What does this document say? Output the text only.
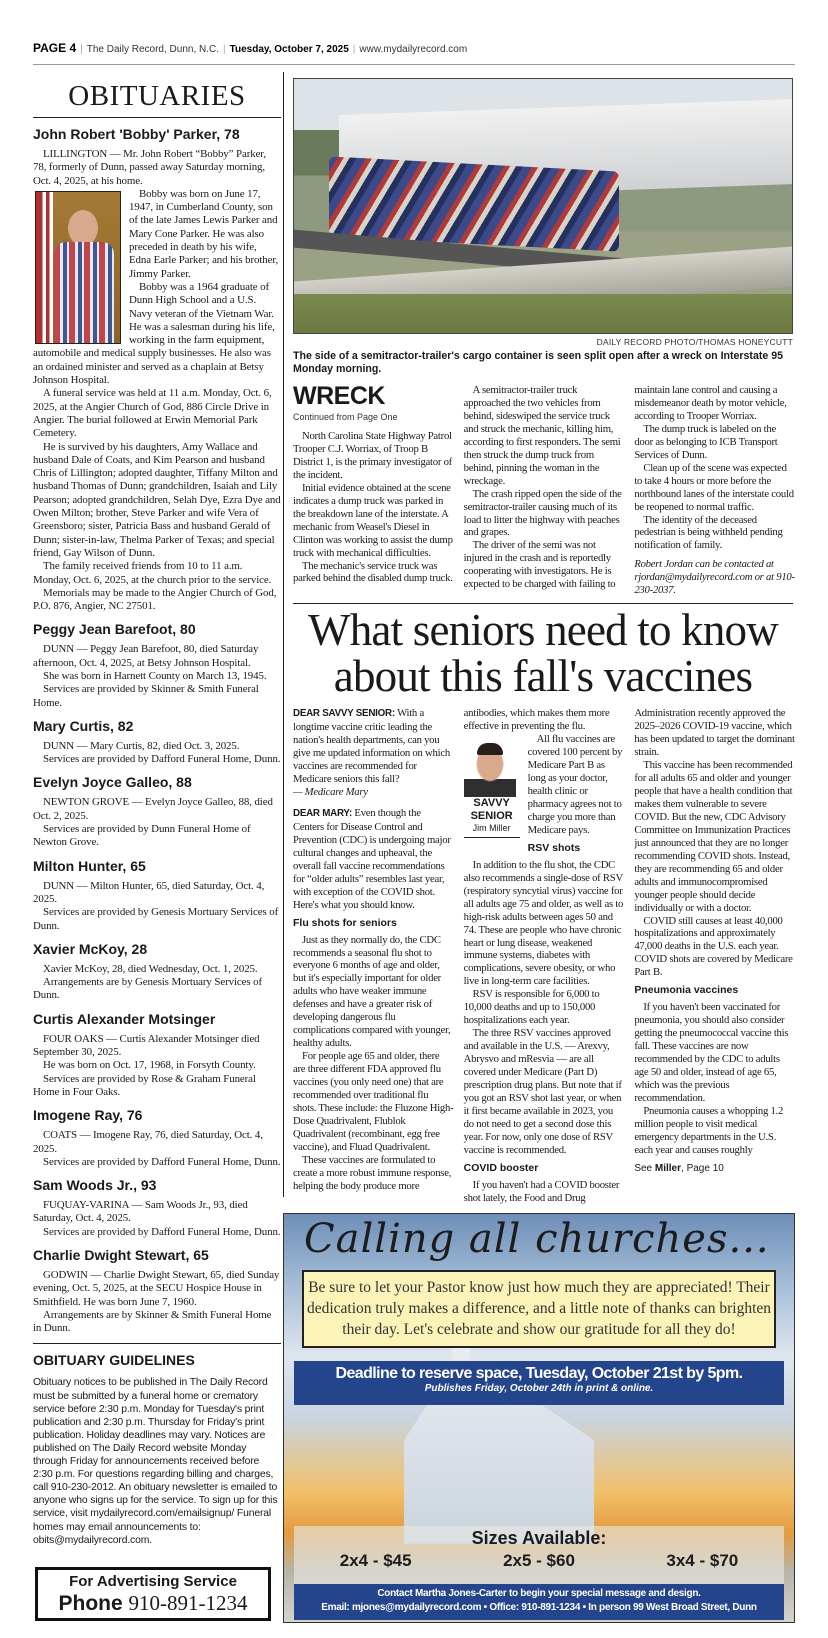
PAGE 4 | The Daily Record, Dunn, N.C. | Tuesday, October 7, 2025 | www.mydailyrecord.com
OBITUARIES
John Robert 'Bobby' Parker, 78

LILLINGTON — Mr. John Robert “Bobby” Parker, 78, formerly of Dunn, passed away Saturday morning, Oct. 4, 2025, at his home.

Bobby was born on June 17, 1947, in Cumberland County, son of the late James Lewis Parker and Mary Cone Parker. He was also preceded in death by his wife, Edna Earle Parker; and his brother, Jimmy Parker.

Bobby was a 1964 graduate of Dunn High School and a U.S. Navy veteran of the Vietnam War. He was a salesman during his life, working in the farm equipment, automobile and medical supply businesses. He also was an ordained minister and served as a chaplain at Betsy Johnson Hospital.

A funeral service was held at 11 a.m. Monday, Oct. 6, 2025, at the Angier Church of God, 886 Circle Drive in Angier. The burial followed at Erwin Memorial Park Cemetery.

He is survived by his daughters, Amy Wallace and husband Dale of Coats, and Kim Pearson and husband Chris of Lillington; adopted daughter, Tiffany Milton and husband Thomas of Dunn; grandchildren, Isaiah and Lily Pearson; adopted grandchildren, Selah Dye, Ezra Dye and Owen Milton; brother, Steve Parker and wife Vera of Greensboro; sister, Patricia Bass and husband Gerald of Dunn; sister-in-law, Thelma Parker of Texas; and special friend, Gay Wilson of Dunn.

The family received friends from 10 to 11 a.m. Monday, Oct. 6, 2025, at the church prior to the service.

Memorials may be made to the Angier Church of God, P.O. 876, Angier, NC 27501.

Peggy Jean Barefoot, 80

DUNN — Peggy Jean Barefoot, 80, died Saturday afternoon, Oct. 4, 2025, at Betsy Johnson Hospital.

She was born in Harnett County on March 13, 1945.

Services are provided by Skinner & Smith Funeral Home.

Mary Curtis, 82

DUNN — Mary Curtis, 82, died Oct. 3, 2025.

Services are provided by Dafford Funeral Home, Dunn.

Evelyn Joyce Galleo, 88

NEWTON GROVE — Evelyn Joyce Galleo, 88, died Oct. 2, 2025.

Services are provided by Dunn Funeral Home of Newton Grove.

Milton Hunter, 65

DUNN — Milton Hunter, 65, died Saturday, Oct. 4, 2025.

Services are provided by Genesis Mortuary Services of Dunn.

Xavier McKoy, 28

Xavier McKoy, 28, died Wednesday, Oct. 1, 2025.

Arrangements are by Genesis Mortuary Services of Dunn.

Curtis Alexander Motsinger

FOUR OAKS — Curtis Alexander Motsinger died September 30, 2025.

He was born on Oct. 17, 1968, in Forsyth County.

Services are provided by Rose & Graham Funeral Home in Four Oaks.

Imogene Ray, 76

COATS — Imogene Ray, 76, died Saturday, Oct. 4, 2025.

Services are provided by Dafford Funeral Home, Dunn.

Sam Woods Jr., 93

FUQUAY-VARINA — Sam Woods Jr., 93, died Saturday, Oct. 4, 2025.

Services are provided by Dafford Funeral Home, Dunn.

Charlie Dwight Stewart, 65

GODWIN — Charlie Dwight Stewart, 65, died Sunday evening, Oct. 5, 2025, at the SECU Hospice House in Smithfield. He was born June 7, 1960.

Arrangements are by Skinner & Smith Funeral Home in Dunn.

OBITUARY GUIDELINES

Obituary notices to be published in The Daily Record must be submitted by a funeral home or crematory service before 2:30 p.m. Monday for Tuesday's print publication and 2:30 p.m. Thursday for Friday's print publication. Holiday deadlines may vary. Notices are published on The Daily Record website Monday through Friday for announcements received before 2:30 p.m. For questions regarding billing and charges, call 910-230-2012. An obituary newsletter is emailed to anyone who signs up for the service. To sign up for this service, visit mydailyrecord.com/emailsignup/ Funeral homes may email announcements to: obits@mydailyrecord.com.

For Advertising Service
Phone 910-891-1234
DAILY RECORD PHOTO/THOMAS HONEYCUTT
The side of a semitractor-trailer's cargo container is seen split open after a wreck on Interstate 95 Monday morning.
WRECK
Continued from Page One

North Carolina State Highway Patrol Trooper C.J. Worriax, of Troop B District 1, is the primary investigator of the incident.

Initial evidence obtained at the scene indicates a dump truck was parked in the breakdown lane of the interstate. A mechanic from Weasel's Diesel in Clinton was working to assist the dump truck with mechanical difficulties.

The mechanic's service truck was parked behind the disabled dump truck.

A semitractor-trailer truck approached the two vehicles from behind, sideswiped the service truck and struck the mechanic, killing him, according to first responders. The semi then struck the dump truck from behind, pinning the woman in the wreckage.

The crash ripped open the side of the semitractor-trailer causing much of its load to litter the highway with peaches and grapes.

The driver of the semi was not injured in the crash and is reportedly cooperating with investigators. He is expected to be charged with failing to maintain lane control and causing a misdemeanor death by motor vehicle, according to Trooper Worriax.

The dump truck is labeled on the door as belonging to ICB Transport Services of Dunn.

Clean up of the scene was expected to take 4 hours or more before the northbound lanes of the interstate could be reopened to normal traffic.

The identity of the deceased pedestrian is being withheld pending notification of family.

Robert Jordan can be contacted at rjordan@mydailyrecord.com or at 910-230-2037.

What seniors need to know about this fall's vaccines

DEAR SAVVY SENIOR: With a longtime vaccine critic leading the nation's health departments, can you give me updated information on which vaccines are recommended for Medicare seniors this fall?

— Medicare Mary

DEAR MARY: Even though the Centers for Disease Control and Prevention (CDC) is undergoing major cultural changes and upheaval, the overall fall vaccine recommendations for “older adults” resembles last year, with exception of the COVID shot. Here's what you should know.

Flu shots for seniors

Just as they normally do, the CDC recommends a seasonal flu shot to everyone 6 months of age and older, but it's especially important for older adults who have weaker immune defenses and have a greater risk of developing dangerous flu complications compared with younger, healthy adults.

For people age 65 and older, there are three different FDA approved flu vaccines (you only need one) that are recommended over traditional flu shots. These include: the Fluzone High-Dose Quadrivalent, Flublok Quadrivalent (recombinant, egg free vaccine), and Fluad Quadrivalent.

These vaccines are formulated to create a more robust immune response, helping the body produce more antibodies, which makes them more effective in preventing the flu.

SAVVY
SENIOR
Jim Miller

All flu vaccines are covered 100 percent by Medicare Part B as long as your doctor, health clinic or pharmacy agrees not to charge you more than Medicare pays.

RSV shots

In addition to the flu shot, the CDC also recommends a single-dose of RSV (respiratory syncytial virus) vaccine for all adults age 75 and older, as well as to high-risk adults between ages 50 and 74. These are people who have chronic heart or lung disease, weakened immune systems, diabetes with complications, severe obesity, or who live in long-term care facilities.

RSV is responsible for 6,000 to 10,000 deaths and up to 150,000 hospitalizations each year.

The three RSV vaccines approved and available in the U.S. — Arexvy, Abrysvo and mResvia — are all covered under Medicare (Part D) prescription drug plans. But note that if you got an RSV shot last year, or when it first became available in 2023, you do not need to get a second dose this year. For now, only one dose of RSV vaccine is recommended.

COVID booster

If you haven't had a COVID booster shot lately, the Food and Drug Administration recently approved the 2025–2026 COVID-19 vaccine, which has been updated to target the dominant strain.

This vaccine has been recommended for all adults 65 and older and younger people that have a health condition that makes them vulnerable to severe COVID. But the new, CDC Advisory Committee on Immunization Practices just announced that they are no longer recommending COVID shots. Instead, they are recommending 65 and older adults and immunocompromised younger people should decide individually or with a doctor.

COVID still causes at least 40,000 hospitalizations and approximately 47,000 deaths in the U.S. each year. COVID shots are covered by Medicare Part B.

Pneumonia vaccines

If you haven't been vaccinated for pneumonia, you should also consider getting the pneumococcal vaccine this fall. These vaccines are now recommended by the CDC to adults age 50 and older, instead of age 65, which was the previous recommendation.

Pneumonia causes a whopping 1.2 million people to visit medical emergency departments in the U.S. each year and causes roughly

See Miller, Page 10
Calling all churches...
Be sure to let your Pastor know just how much they are appreciated! Their dedication truly makes a difference, and a little note of thanks can brighten their day. Let's celebrate and show our gratitude for all they do!
Deadline to reserve space, Tuesday, October 21st by 5pm.
Publishes Friday, October 24th in print & online.
Sizes Available:
2x4 - $45	2x5 - $60	3x4 - $70
Contact Martha Jones-Carter to begin your special message and design.
Email: mjones@mydailyrecord.com • Office: 910-891-1234 • In person 99 West Broad Street, Dunn
